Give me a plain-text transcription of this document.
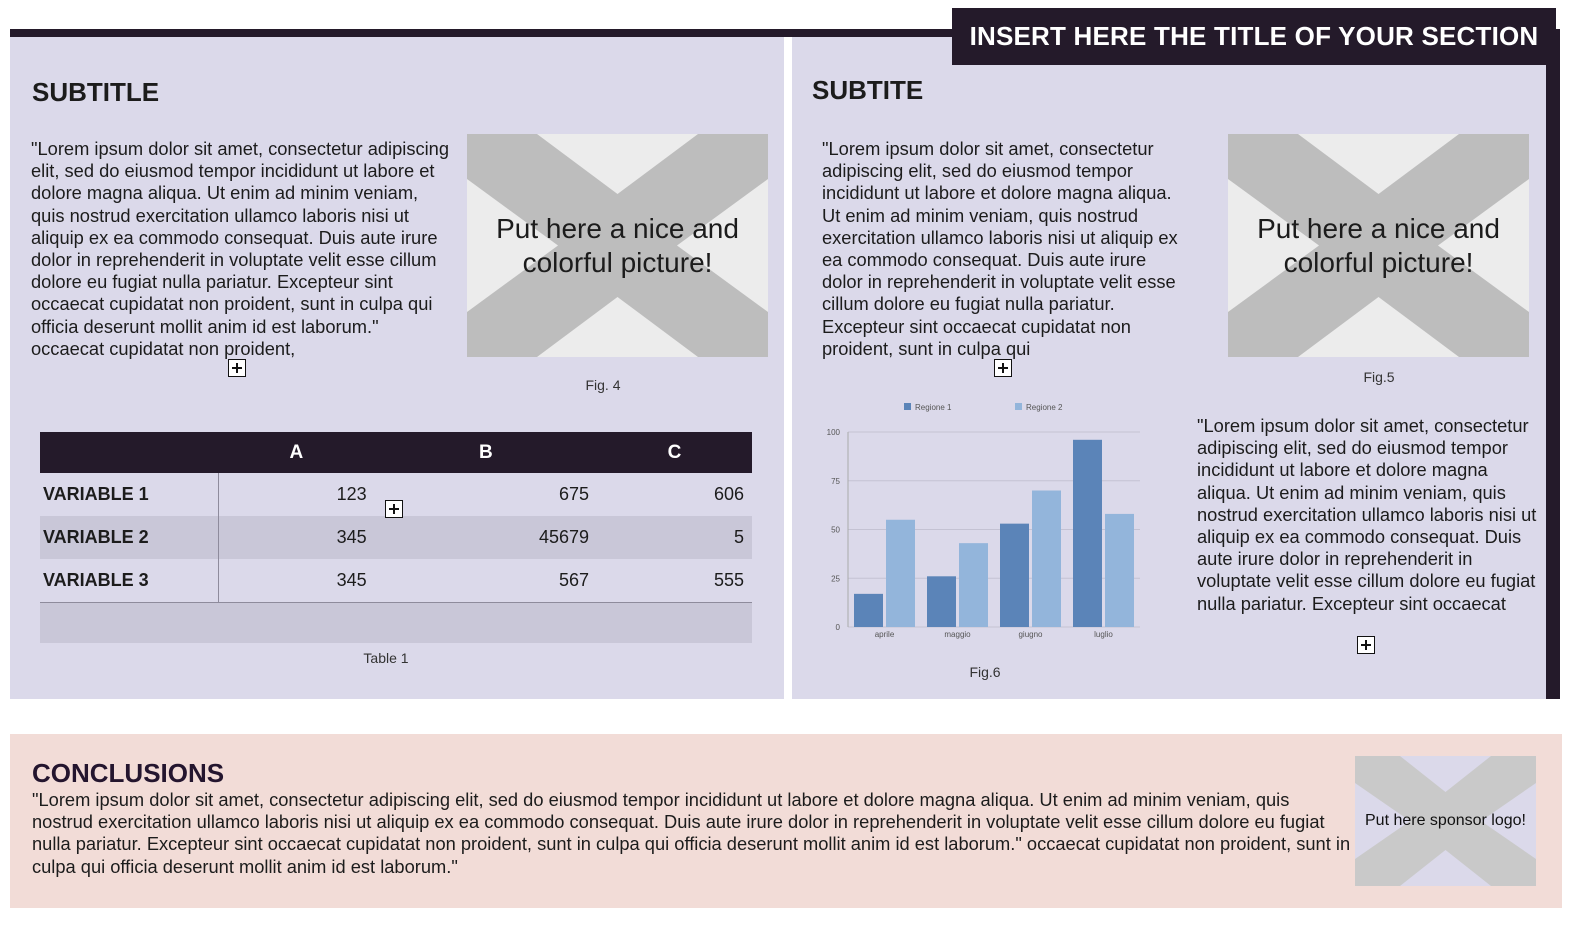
SUBTITLE
"Lorem ipsum dolor sit amet, consectetur adipiscing elit, sed do eiusmod tempor incididunt ut labore et dolore magna aliqua. Ut enim ad minim veniam, quis nostrud exercitation ullamco laboris nisi ut aliquip ex ea commodo consequat. Duis aute irure dolor in reprehenderit in voluptate velit esse cillum dolore eu fugiat nulla pariatur. Excepteur sint occaecat cupidatat non proident, sunt in culpa qui officia deserunt mollit anim id est laborum." occaecat cupidatat non proident,
Put here a nice and colorful picture!
Fig. 4
	A	B	C
VARIABLE 1	123	675	606
VARIABLE 2	345	45679	5
VARIABLE 3	345	567	555

Table 1
INSERT HERE THE TITLE OF YOUR SECTION
SUBTITE
"Lorem ipsum dolor sit amet, consectetur adipiscing elit, sed do eiusmod tempor incididunt ut labore et dolore magna aliqua. Ut enim ad minim veniam, quis nostrud exercitation ullamco laboris nisi ut aliquip ex ea commodo consequat. Duis aute irure dolor in reprehenderit in voluptate velit esse cillum dolore eu fugiat nulla pariatur. Excepteur sint occaecat cupidatat non proident, sunt in culpa qui
Put here a nice and colorful picture!
Fig.5
0
25
50
75
100
aprile	maggio	giugno	luglio
Regione 1	Regione 2
Fig.6
"Lorem ipsum dolor sit amet, consectetur adipiscing elit, sed do eiusmod tempor incididunt ut labore et dolore magna aliqua. Ut enim ad minim veniam, quis nostrud exercitation ullamco laboris nisi ut aliquip ex ea commodo consequat. Duis aute irure dolor in reprehenderit in voluptate velit esse cillum dolore eu fugiat nulla pariatur. Excepteur sint occaecat
CONCLUSIONS
"Lorem ipsum dolor sit amet, consectetur adipiscing elit, sed do eiusmod tempor incididunt ut labore et dolore magna aliqua. Ut enim ad minim veniam, quis nostrud exercitation ullamco laboris nisi ut aliquip ex ea commodo consequat. Duis aute irure dolor in reprehenderit in voluptate velit esse cillum dolore eu fugiat nulla pariatur. Excepteur sint occaecat cupidatat non proident, sunt in culpa qui officia deserunt mollit anim id est laborum." occaecat cupidatat non proident, sunt in culpa qui officia deserunt mollit anim id est laborum."
Put here sponsor logo!
